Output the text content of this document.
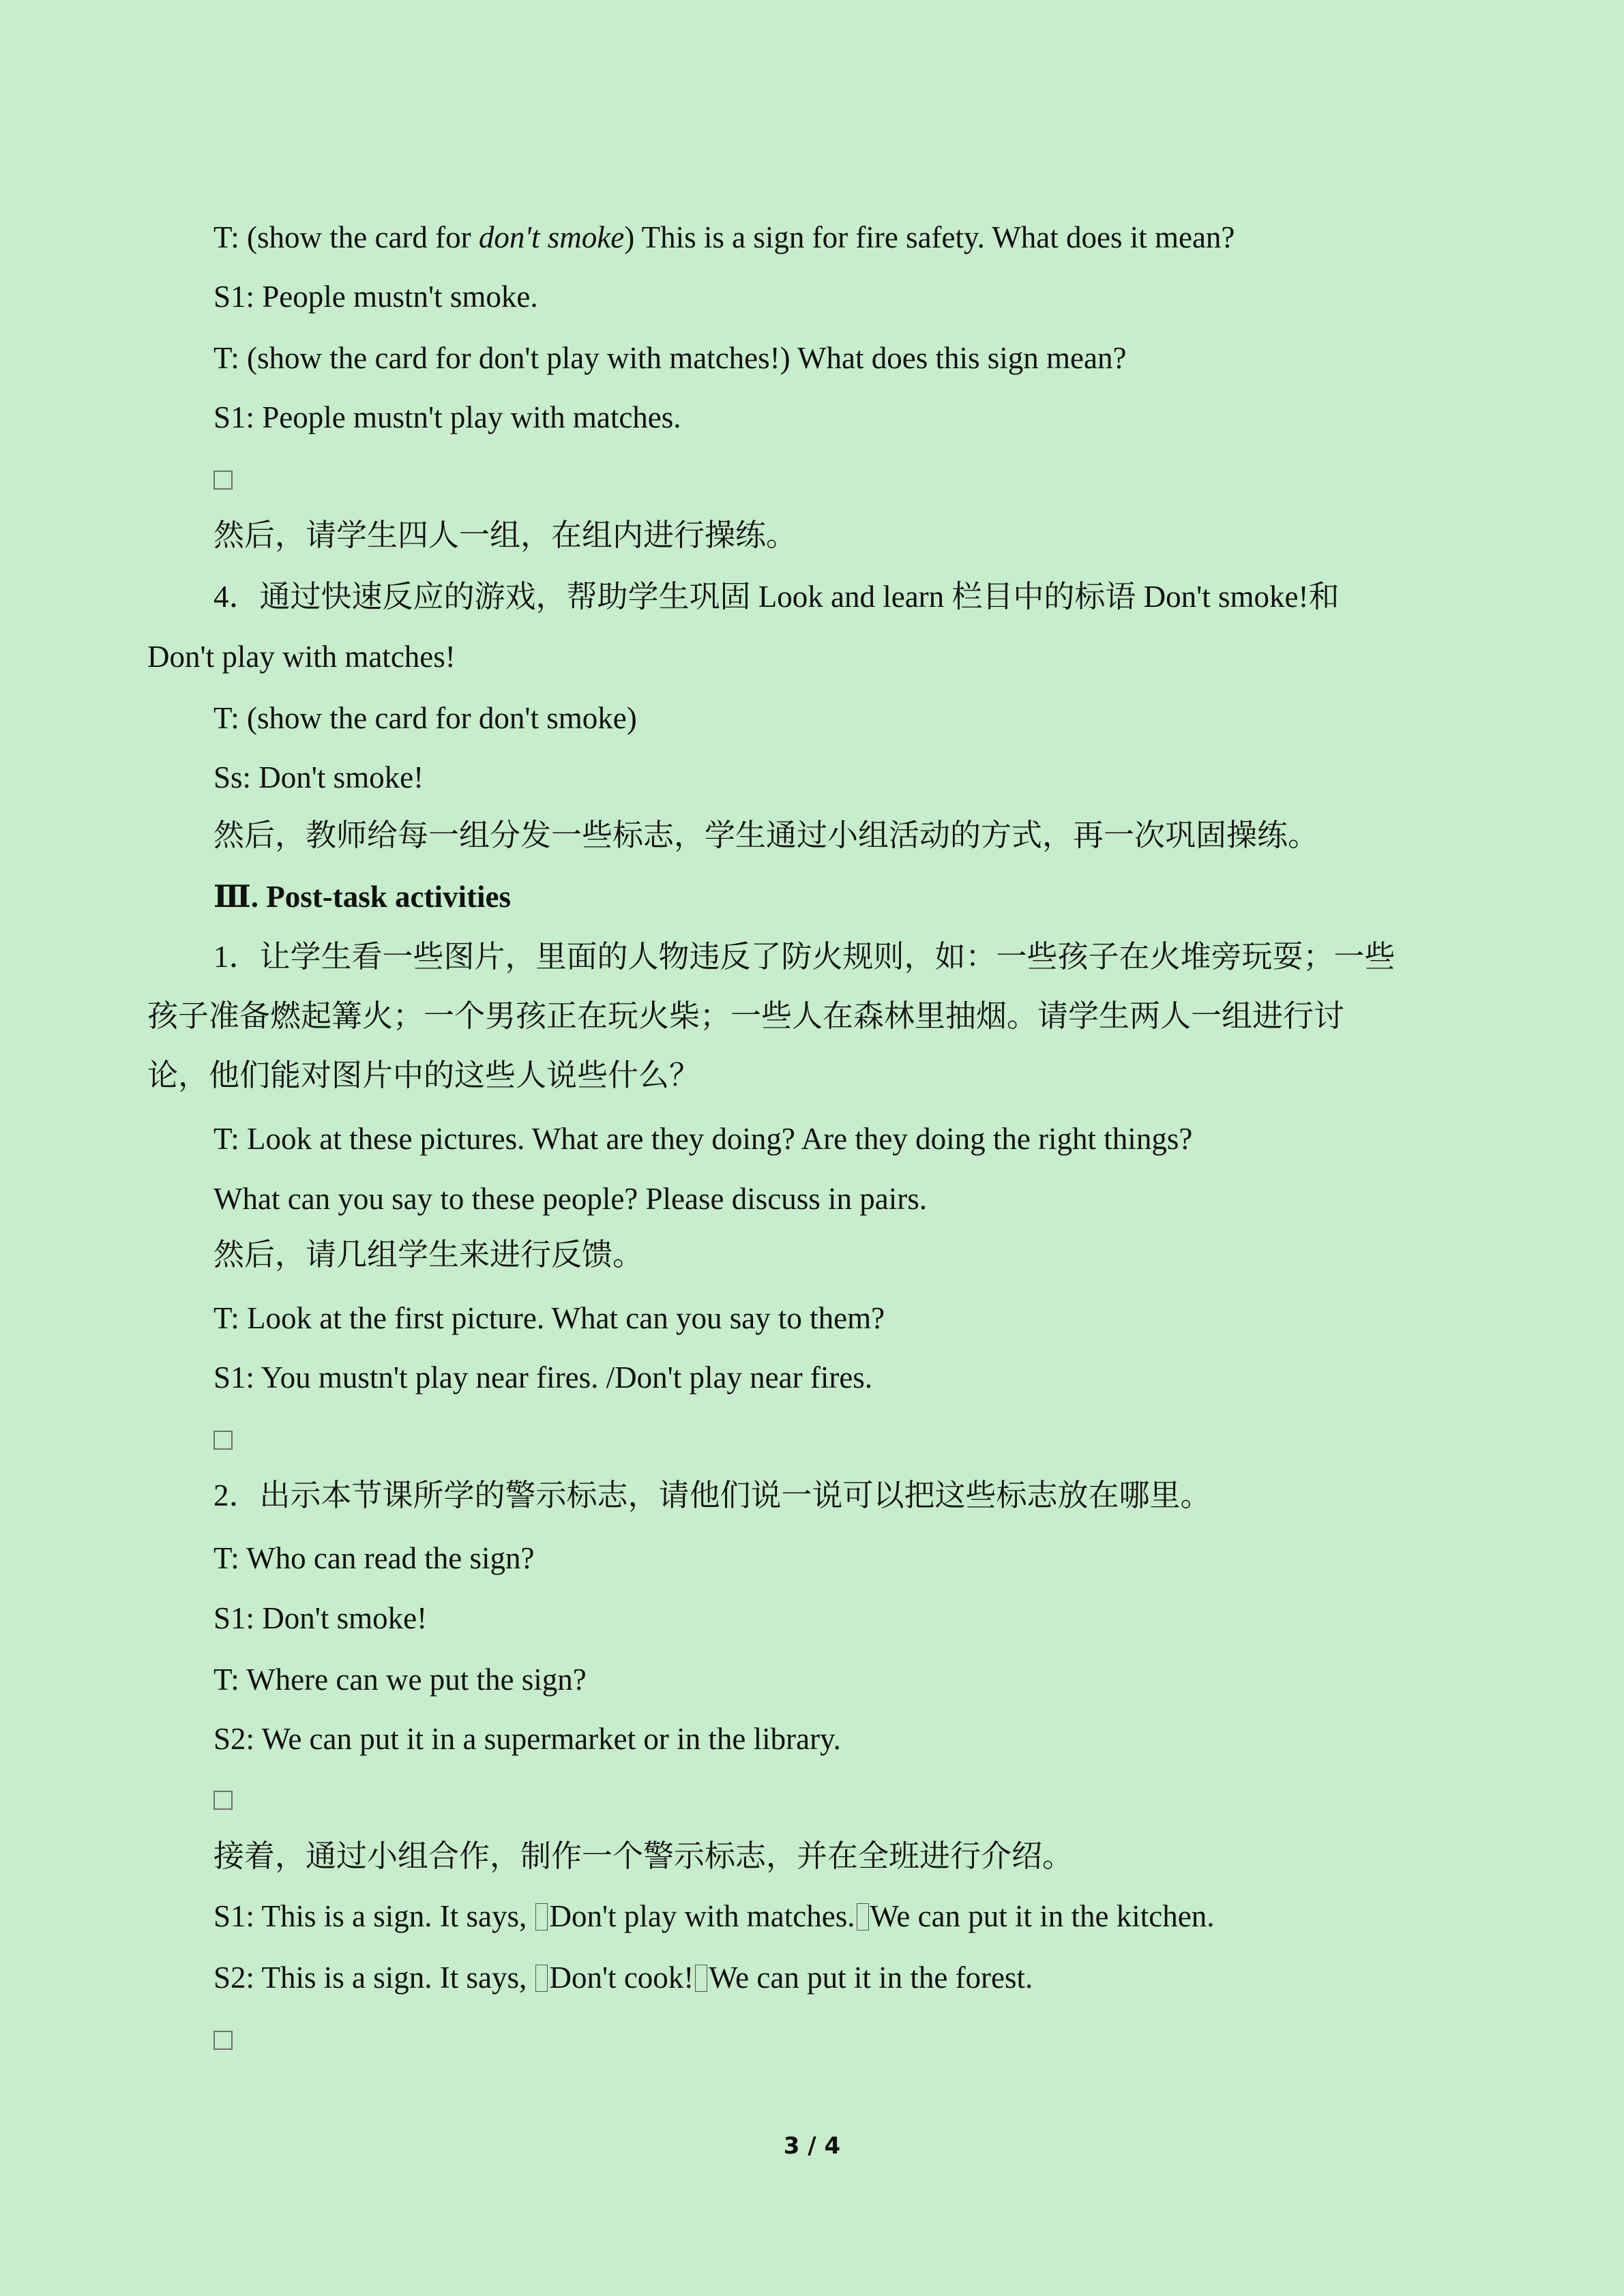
T: (show the card for don't smoke) This is a sign for fire safety. What does it mean?
S1: People mustn't smoke.
T: (show the card for don't play with matches!) What does this sign mean?
S1: People mustn't play with matches.
然后，请学生四人一组，在组内进行操练。
4．通过快速反应的游戏，帮助学生巩固 Look and learn 栏目中的标语 Don't smoke!和
Don't play with matches!
T: (show the card for don't smoke)
Ss: Don't smoke!
然后，教师给每一组分发一些标志，学生通过小组活动的方式，再一次巩固操练。
Ⅲ. Post-task activities
1．让学生看一些图片，里面的人物违反了防火规则，如：一些孩子在火堆旁玩耍；一些
孩子准备燃起篝火；一个男孩正在玩火柴；一些人在森林里抽烟。请学生两人一组进行讨
论，他们能对图片中的这些人说些什么？
T: Look at these pictures. What are they doing? Are they doing the right things?
What can you say to these people? Please discuss in pairs.
然后，请几组学生来进行反馈。
T: Look at the first picture. What can you say to them?
S1: You mustn't play near fires. /Don't play near fires.
2．出示本节课所学的警示标志，请他们说一说可以把这些标志放在哪里。
T: Who can read the sign?
S1: Don't smoke!
T: Where can we put the sign?
S2: We can put it in a supermarket or in the library.
接着，通过小组合作，制作一个警示标志，并在全班进行介绍。
S1: This is a sign. It says, Don't play with matches. We can put it in the kitchen.
S2: This is a sign. It says, Don't cook! We can put it in the forest.
3 / 4
